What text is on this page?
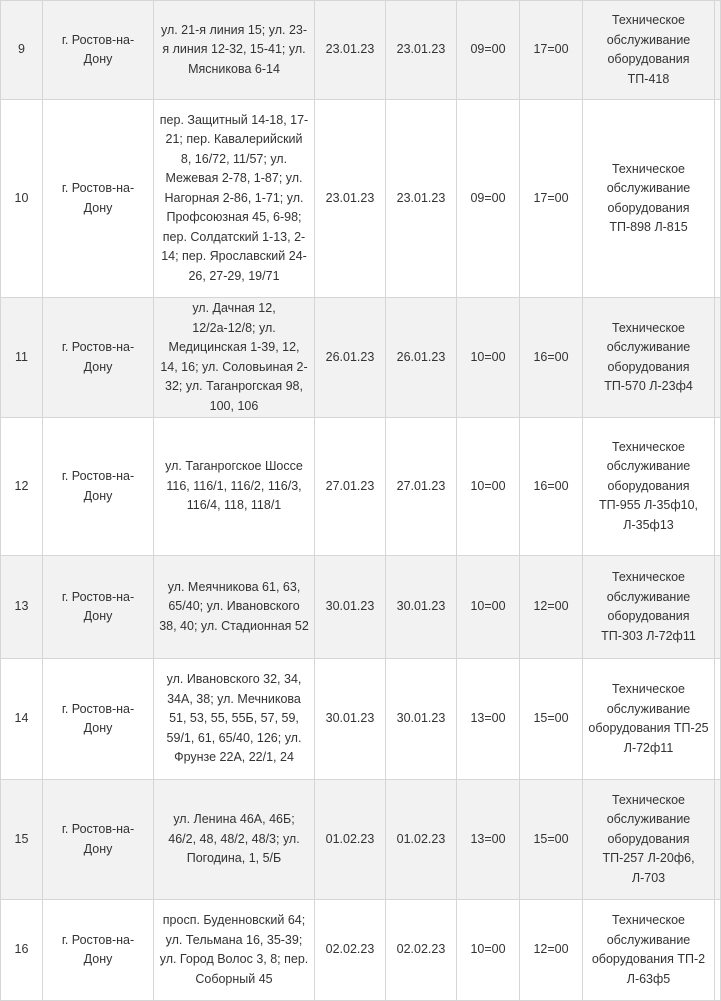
9	г. Ростов-на-Дону	ул. 21-я линия 15; ул. 23-я линия 12-32, 15-41; ул. Мясникова 6-14	23.01.23	23.01.23	09=00	17=00	Техническое обслуживание оборудования ТП-418	
10	г. Ростов-на-Дону	пер. Защитный 14-18, 17-21; пер. Кавалерийский 8, 16/72, 11/57; ул. Межевая 2-78, 1-87; ул. Нагорная 2-86, 1-71; ул. Профсоюзная 45, 6-98; пер. Солдатский 1-13, 2-14; пер. Ярославский 24-26, 27-29, 19/71	23.01.23	23.01.23	09=00	17=00	Техническое обслуживание оборудования ТП-898 Л-815	
11	г. Ростов-на-Дону	ул. Дачная 12, 12/2а-12/8; ул. Медицинская 1-39, 12, 14, 16; ул. Соловьиная 2-32; ул. Таганрогская 98, 100, 106	26.01.23	26.01.23	10=00	16=00	Техническое обслуживание оборудования ТП-570 Л-23ф4	
12	г. Ростов-на-Дону	ул. Таганрогское Шоссе 116, 116/1, 116/2, 116/3, 116/4, 118, 118/1	27.01.23	27.01.23	10=00	16=00	Техническое обслуживание оборудования ТП-955 Л-35ф10, Л-35ф13	
13	г. Ростов-на-Дону	ул. Меячникова 61, 63, 65/40; ул. Ивановского 38, 40; ул. Стадионная 52	30.01.23	30.01.23	10=00	12=00	Техническое обслуживание оборудования ТП-303 Л-72ф11	
14	г. Ростов-на-Дону	ул. Ивановского 32, 34, 34А, 38; ул. Мечникова 51, 53, 55, 55Б, 57, 59, 59/1, 61, 65/40, 126; ул. Фрунзе 22А, 22/1, 24	30.01.23	30.01.23	13=00	15=00	Техническое обслуживание оборудования ТП-25 Л-72ф11	
15	г. Ростов-на-Дону	ул. Ленина 46А, 46Б; 46/2, 48, 48/2, 48/3; ул. Погодина, 1, 5/Б	01.02.23	01.02.23	13=00	15=00	Техническое обслуживание оборудования ТП-257 Л-20ф6, Л-703	
16	г. Ростов-на-Дону	просп. Буденновский 64; ул. Тельмана 16, 35-39; ул. Город Волос 3, 8; пер. Соборный 45	02.02.23	02.02.23	10=00	12=00	Техническое обслуживание оборудования ТП-2 Л-63ф5	
